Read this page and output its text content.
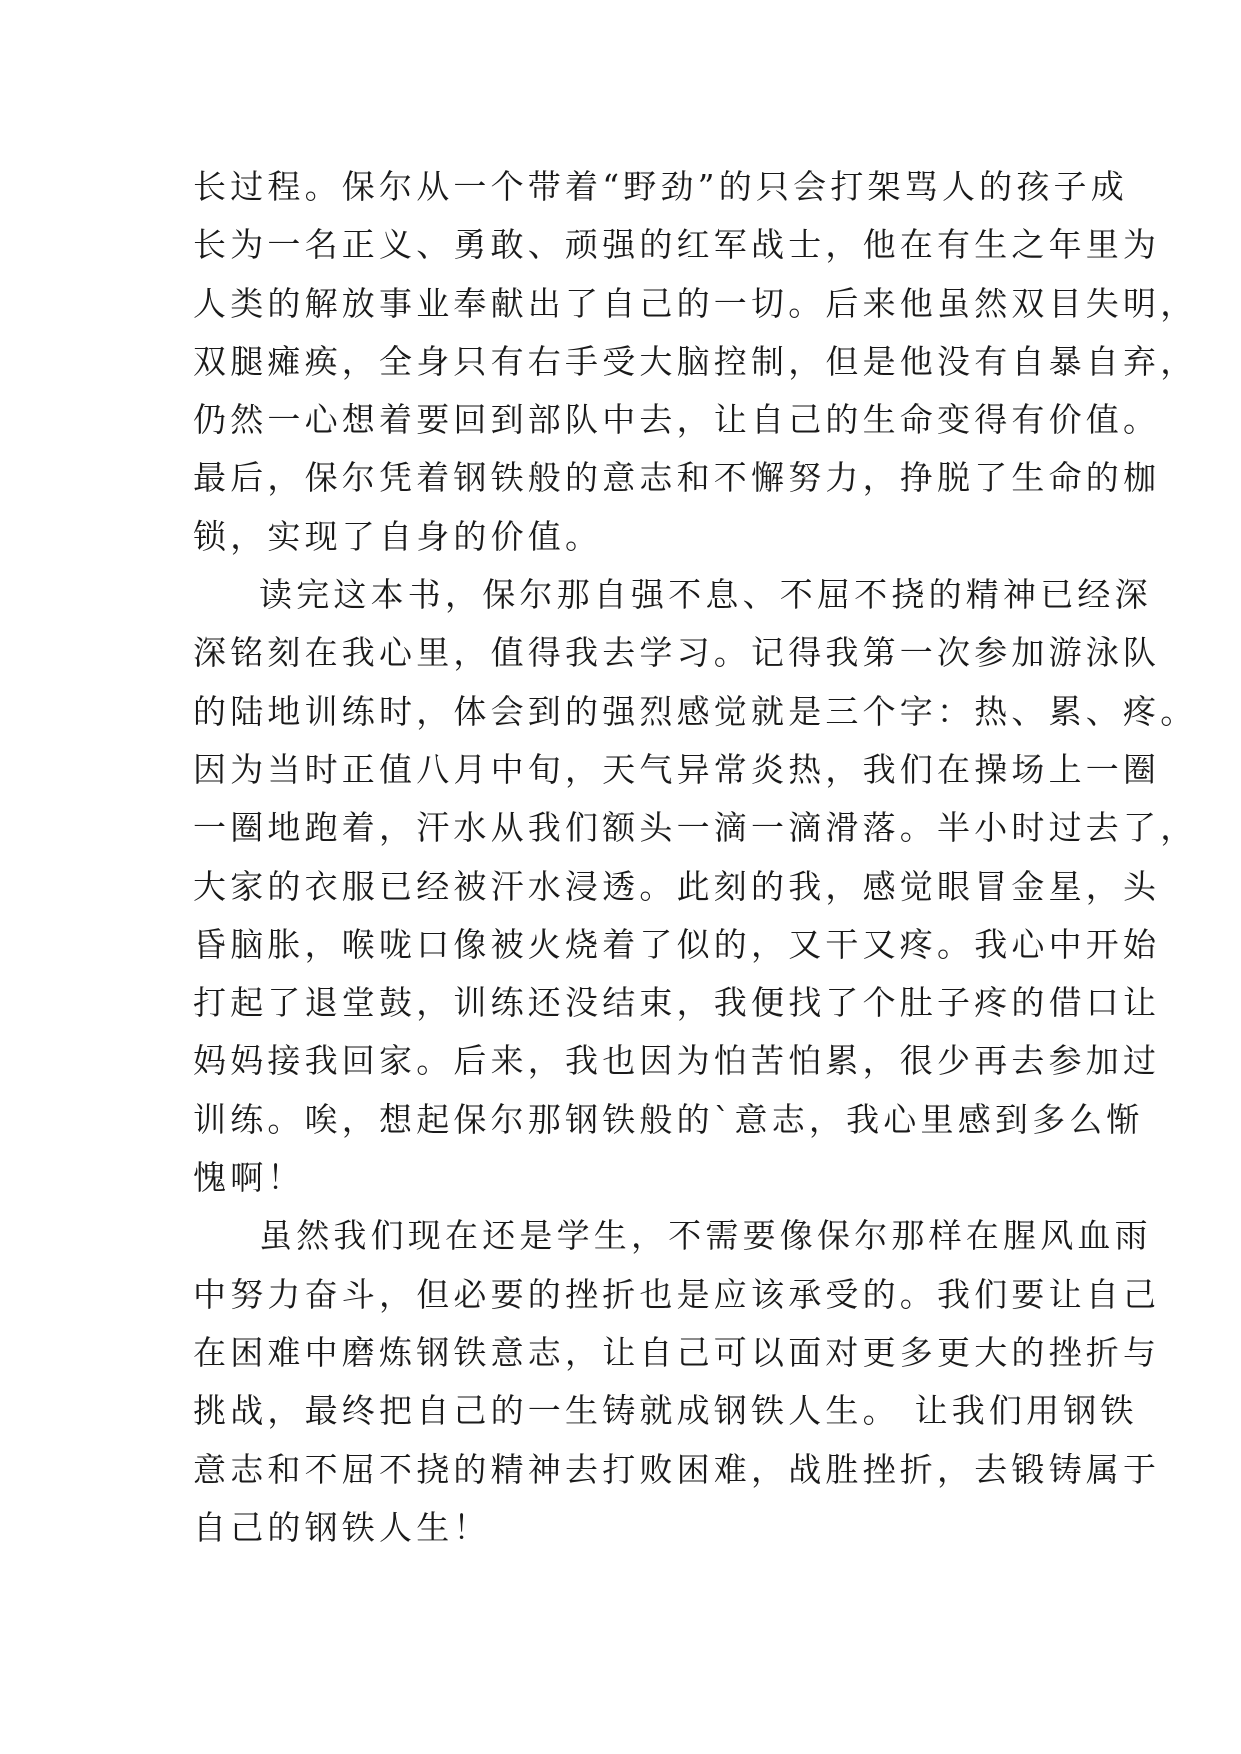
长过程。保尔从一个带着“野劲”的只会打架骂人的孩子成
长为一名正义、勇敢、顽强的红军战士，他在有生之年里为
人类的解放事业奉献出了自己的一切。后来他虽然双目失明，
双腿瘫痪，全身只有右手受大脑控制，但是他没有自暴自弃，
仍然一心想着要回到部队中去，让自己的生命变得有价值。
最后，保尔凭着钢铁般的意志和不懈努力，挣脱了生命的枷
锁，实现了自身的价值。
读完这本书，保尔那自强不息、不屈不挠的精神已经深
深铭刻在我心里，值得我去学习。记得我第一次参加游泳队
的陆地训练时，体会到的强烈感觉就是三个字：热、累、疼。
因为当时正值八月中旬，天气异常炎热，我们在操场上一圈
一圈地跑着，汗水从我们额头一滴一滴滑落。半小时过去了，
大家的衣服已经被汗水浸透。此刻的我，感觉眼冒金星，头
昏脑胀，喉咙口像被火烧着了似的，又干又疼。我心中开始
打起了退堂鼓，训练还没结束，我便找了个肚子疼的借口让
妈妈接我回家。后来，我也因为怕苦怕累，很少再去参加过
训练。唉，想起保尔那钢铁般的`意志，我心里感到多么惭
愧啊！
虽然我们现在还是学生，不需要像保尔那样在腥风血雨
中努力奋斗，但必要的挫折也是应该承受的。我们要让自己
在困难中磨炼钢铁意志，让自己可以面对更多更大的挫折与
挑战，最终把自己的一生铸就成钢铁人生。 让我们用钢铁
意志和不屈不挠的精神去打败困难，战胜挫折，去锻铸属于
自己的钢铁人生！
